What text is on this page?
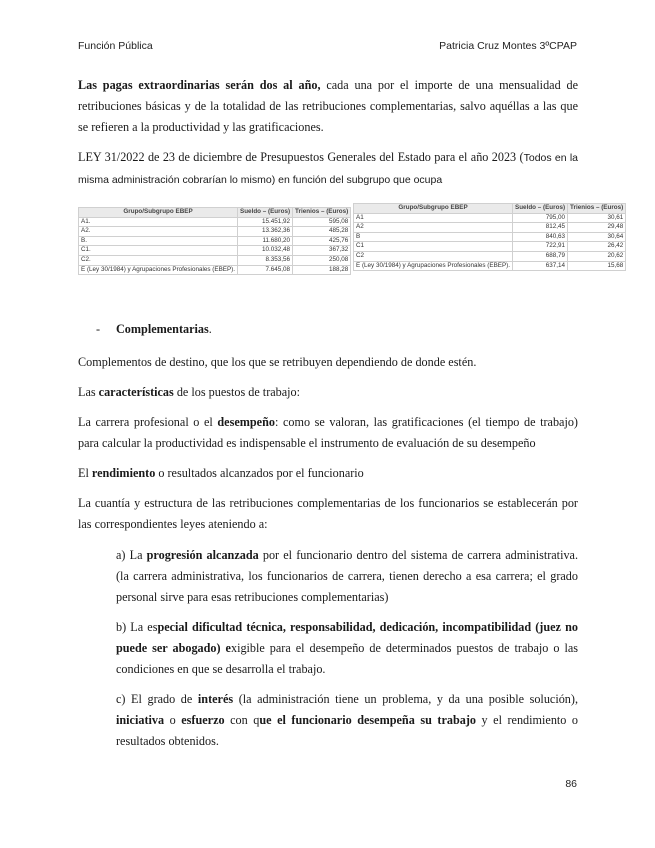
Función Pública	Patricia Cruz Montes 3ºCPAP

Las pagas extraordinarias serán dos al año, cada una por el importe de una mensualidad de retribuciones básicas y de la totalidad de las retribuciones complementarias, salvo aquéllas a las que se refieren a la productividad y las gratificaciones.

LEY 31/2022 de 23 de diciembre de Presupuestos Generales del Estado para el año 2023 (Todos en la misma administración cobrarían lo mismo) en función del subgrupo que ocupa

Grupo/Subgrupo EBEP	Sueldo – (Euros)	Trienios – (Euros)
A1.	15.451,92	595,08
A2.	13.362,36	485,28
B.	11.680,20	425,76
C1.	10.032,48	367,32
C2.	8.353,56	250,08
E (Ley 30/1984) y Agrupaciones Profesionales (EBEP).	7.645,08	188,28
Grupo/Subgrupo EBEP	Sueldo – (Euros)	Trienios – (Euros)
A1	795,00	30,61
A2	812,45	29,48
B	840,63	30,64
C1	722,91	26,42
C2	688,79	20,62
E (Ley 30/1984) y Agrupaciones Profesionales (EBEP).	637,14	15,68
- Complementarias.

Complementos de destino, que los que se retribuyen dependiendo de donde estén.

Las características de los puestos de trabajo:

La carrera profesional o el desempeño: como se valoran, las gratificaciones (el tiempo de trabajo) para calcular la productividad es indispensable el instrumento de evaluación de su desempeño

El rendimiento o resultados alcanzados por el funcionario

La cuantía y estructura de las retribuciones complementarias de los funcionarios se establecerán por las correspondientes leyes ateniendo a:

a) La progresión alcanzada por el funcionario dentro del sistema de carrera administrativa. (la carrera administrativa, los funcionarios de carrera, tienen derecho a esa carrera; el grado personal sirve para esas retribuciones complementarias)

b) La especial dificultad técnica, responsabilidad, dedicación, incompatibilidad (juez no puede ser abogado) exigible para el desempeño de determinados puestos de trabajo o las condiciones en que se desarrolla el trabajo.

c) El grado de interés (la administración tiene un problema, y da una posible solución), iniciativa o esfuerzo con que el funcionario desempeña su trabajo y el rendimiento o resultados obtenidos.

86
